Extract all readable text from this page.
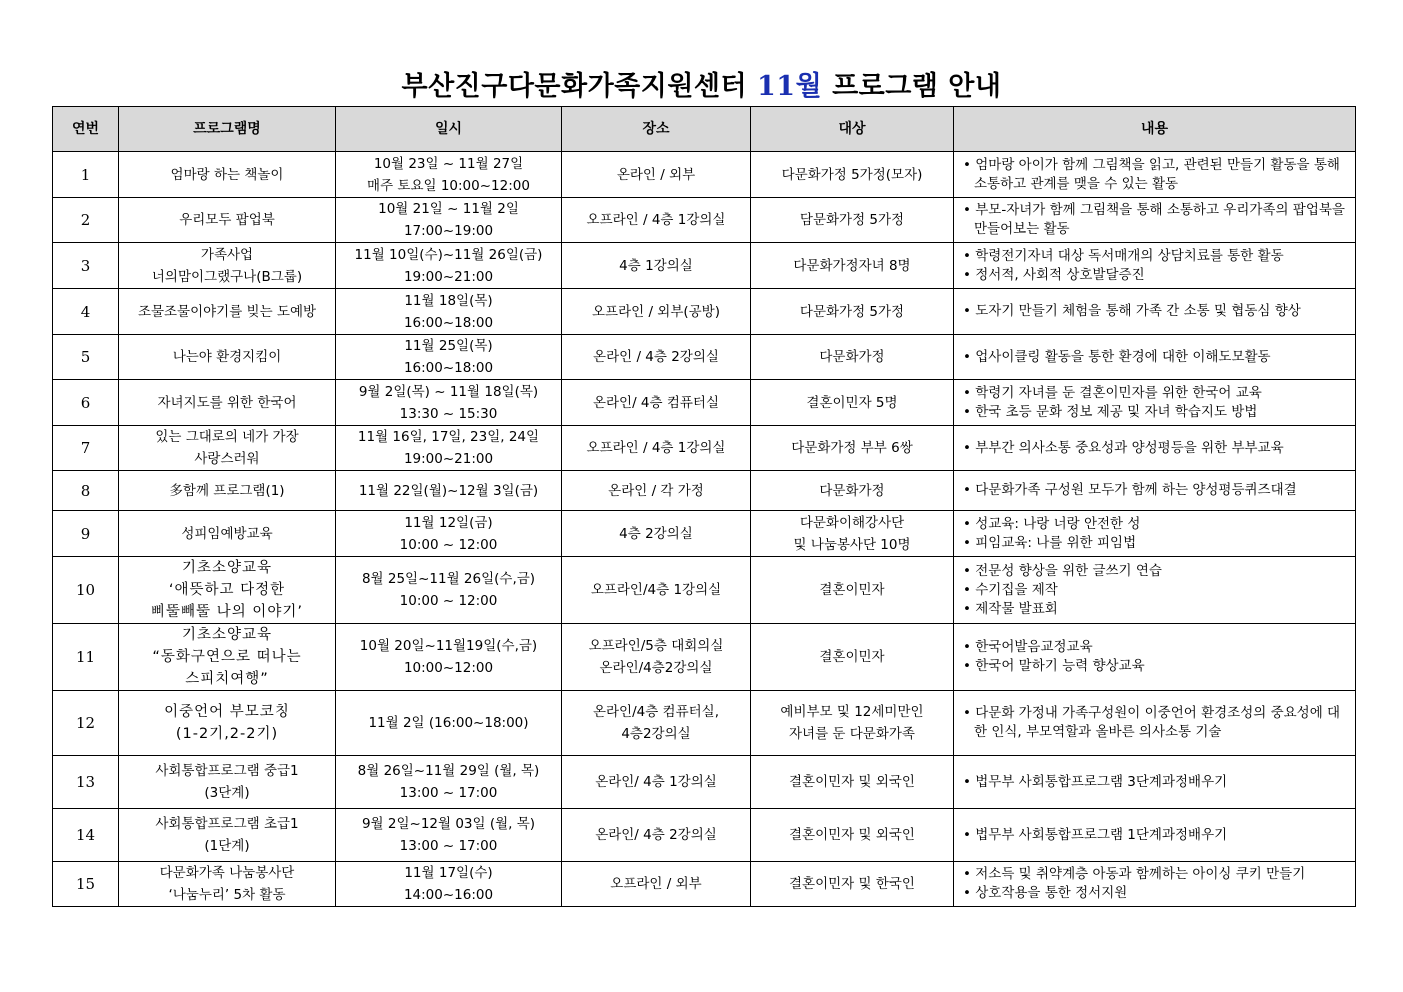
부산진구다문화가족지원센터 11월 프로그램 안내
연번	프로그램명	일시	장소	대상	내용
1	엄마랑 하는 책놀이	10월 23일 ~ 11월 27일
매주 토요일 10:00~12:00	온라인 / 외부	다문화가정 5가정(모자)	• 엄마랑 아이가 함께 그림책을 읽고, 관련된 만들기 활동을 통해 소통하고 관계를 맺을 수 있는 활동

2	우리모두 팝업북	10월 21일 ~ 11월 2일
17:00~19:00	오프라인 / 4층 1강의실	담문화가정 5가정	• 부모-자녀가 함께 그림책을 통해 소통하고 우리가족의 팝업북을 만들어보는 활동

3	가족사업
너의맘이그랬구나(B그룹)	11월 10일(수)~11월 26일(금)
19:00~21:00	4층 1강의실	다문화가정자녀 8명	• 학령전기자녀 대상 독서매개의 상담치료를 통한 활동
• 정서적, 사회적 상호발달증진

4	조물조물이야기를 빚는 도예방	11월 18일(목)
16:00~18:00	오프라인 / 외부(공방)	다문화가정 5가정	• 도자기 만들기 체험을 통해 가족 간 소통 및 협동심 향상

5	나는야 환경지킴이	11월 25일(목)
16:00~18:00	온라인 / 4층 2강의실	다문화가정	• 업사이클링 활동을 통한 환경에 대한 이해도모활동

6	자녀지도를 위한 한국어	9월 2일(목) ~ 11월 18일(목)
13:30 ~ 15:30	온라인/ 4층 컴퓨터실	결혼이민자 5명	• 학령기 자녀를 둔 결혼이민자를 위한 한국어 교육
• 한국 초등 문화 정보 제공 및 자녀 학습지도 방법

7	있는 그대로의 네가 가장
사랑스러워	11월 16일, 17일, 23일, 24일
19:00~21:00	오프라인 / 4층 1강의실	다문화가정 부부 6쌍	• 부부간 의사소통 중요성과 양성평등을 위한 부부교육

8	多함께 프로그램(1)	11월 22일(월)~12월 3일(금)	온라인 / 각 가정	다문화가정	• 다문화가족 구성원 모두가 함께 하는 양성평등퀴즈대결

9	성피임예방교육	11월 12일(금)
10:00 ~ 12:00	4층 2강의실	다문화이해강사단
및 나눔봉사단 10명	• 성교육: 나랑 너랑 안전한 성
• 피임교육: 나를 위한 피임법

10	기초소양교육
‘애뜻하고 다정한
삐뚤빼뚤 나의 이야기’	8월 25일~11월 26일(수,금)
10:00 ~ 12:00	오프라인/4층 1강의실	결혼이민자	• 전문성 향상을 위한 글쓰기 연습
• 수기집을 제작
• 제작물 발표회

11	기초소양교육
“동화구연으로 떠나는
스피치여행”	10월 20일~11월19일(수,금)
10:00~12:00	오프라인/5층 대회의실
온라인/4층2강의실	결혼이민자	• 한국어발음교정교육
• 한국어 말하기 능력 향상교육

12	이중언어 부모코칭
(1-2기,2-2기)	11월 2일 (16:00~18:00)	온라인/4층 컴퓨터실,
4층2강의실	예비부모 및 12세미만인
자녀를 둔 다문화가족	• 다문화 가정내 가족구성원이 이중언어 환경조성의 중요성에 대한 인식, 부모역할과 올바른 의사소통 기술

13	사회통합프로그램 중급1
(3단계)	8월 26일~11월 29일 (월, 목)
13:00 ~ 17:00	온라인/ 4층 1강의실	결혼이민자 및 외국인	• 법무부 사회통합프로그램 3단계과정배우기

14	사회통합프로그램 초급1
(1단계)	9월 2일~12월 03일 (월, 목)
13:00 ~ 17:00	온라인/ 4층 2강의실	결혼이민자 및 외국인	• 법무부 사회통합프로그램 1단계과정배우기

15	다문화가족 나눔봉사단
‘나눔누리’ 5차 활동	11월 17일(수)
14:00~16:00	오프라인 / 외부	결혼이민자 및 한국인	• 저소득 및 취약계층 아동과 함께하는 아이싱 쿠키 만들기
• 상호작용을 통한 정서지원
